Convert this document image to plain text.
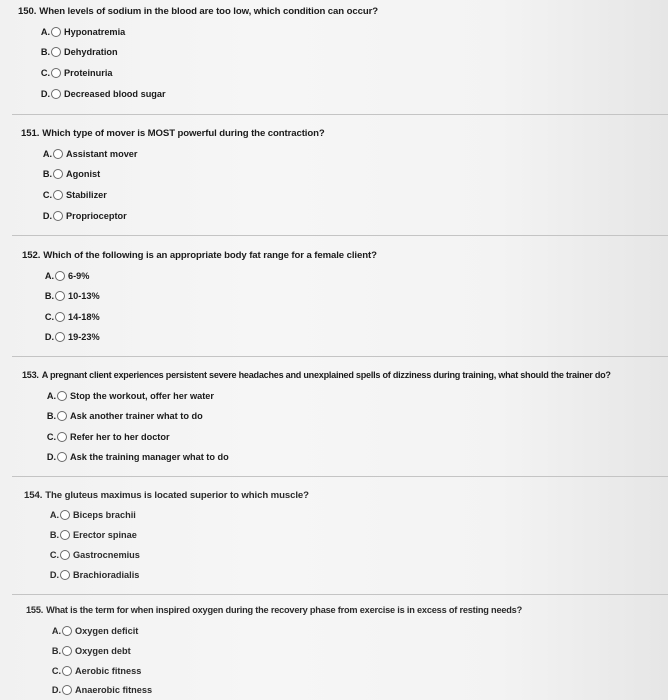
150. When levels of sodium in the blood are too low, which condition can occur?
A. Hyponatremia
B. Dehydration
C. Proteinuria
D. Decreased blood sugar
151. Which type of mover is MOST powerful during the contraction?
A. Assistant mover
B. Agonist
C. Stabilizer
D. Proprioceptor
152. Which of the following is an appropriate body fat range for a female client?
A. 6-9%
B. 10-13%
C. 14-18%
D. 19-23%
153. A pregnant client experiences persistent severe headaches and unexplained spells of dizziness during training, what should the trainer do?
A. Stop the workout, offer her water
B. Ask another trainer what to do
C. Refer her to her doctor
D. Ask the training manager what to do
154. The gluteus maximus is located superior to which muscle?
A. Biceps brachii
B. Erector spinae
C. Gastrocnemius
D. Brachioradialis
155. What is the term for when inspired oxygen during the recovery phase from exercise is in excess of resting needs?
A. Oxygen deficit
B. Oxygen debt
C. Aerobic fitness
D. Anaerobic fitness
